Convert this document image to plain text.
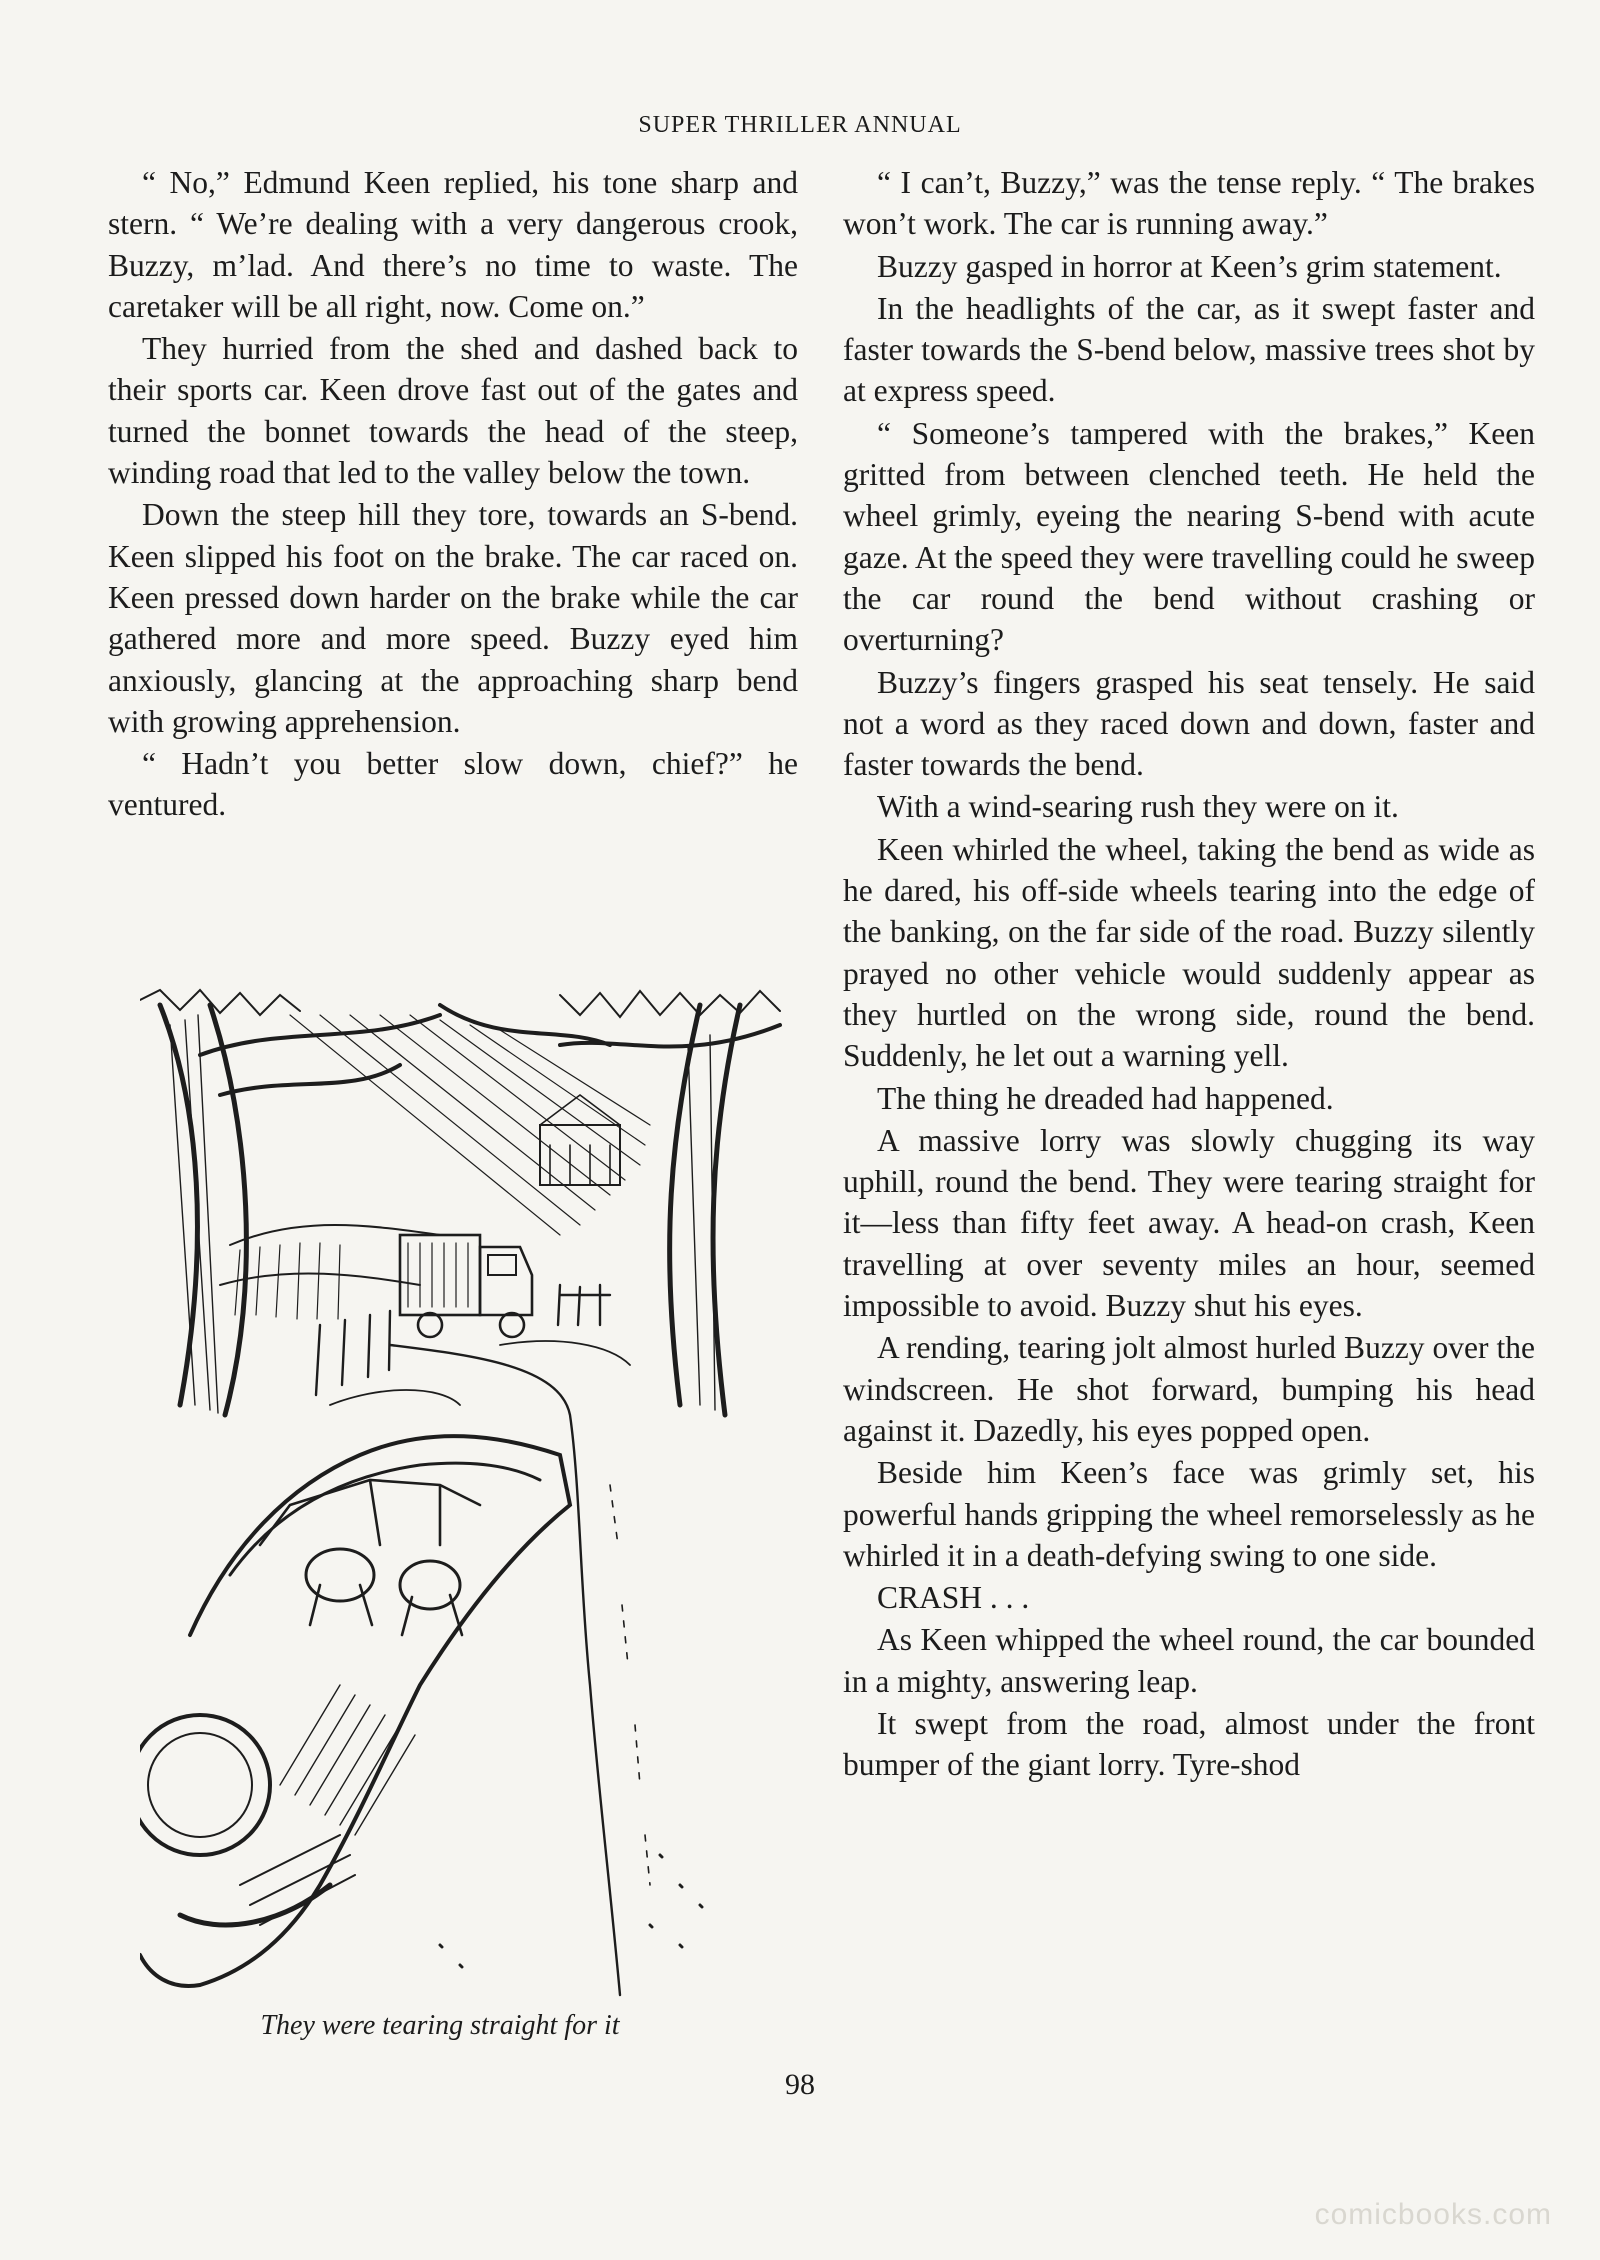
SUPER THRILLER ANNUAL

“ No,” Edmund Keen replied, his tone sharp and stern. “ We’re dealing with a very dangerous crook, Buzzy, m’lad. And there’s no time to waste. The caretaker will be all right, now. Come on.”

They hurried from the shed and dashed back to their sports car. Keen drove fast out of the gates and turned the bonnet towards the head of the steep, winding road that led to the valley below the town.

Down the steep hill they tore, towards an S-bend. Keen slipped his foot on the brake. The car raced on. Keen pressed down harder on the brake while the car gathered more and more speed. Buzzy eyed him anxiously, glancing at the approaching sharp bend with growing apprehension.

“ Hadn’t you better slow down, chief?” he ventured.

They were tearing straight for it

“ I can’t, Buzzy,” was the tense reply. “ The brakes won’t work. The car is running away.”

Buzzy gasped in horror at Keen’s grim statement.

In the headlights of the car, as it swept faster and faster towards the S-bend below, massive trees shot by at express speed.

“ Someone’s tampered with the brakes,” Keen gritted from between clenched teeth. He held the wheel grimly, eyeing the nearing S-bend with acute gaze. At the speed they were travelling could he sweep the car round the bend without crashing or overturning?

Buzzy’s fingers grasped his seat tensely. He said not a word as they raced down and down, faster and faster towards the bend.

With a wind-searing rush they were on it.

Keen whirled the wheel, taking the bend as wide as he dared, his off-side wheels tearing into the edge of the banking, on the far side of the road. Buzzy silently prayed no other vehicle would suddenly appear as they hurtled on the wrong side, round the bend. Suddenly, he let out a warning yell.

The thing he dreaded had happened.

A massive lorry was slowly chugging its way uphill, round the bend. They were tearing straight for it—less than fifty feet away. A head-on crash, Keen travelling at over seventy miles an hour, seemed impossible to avoid. Buzzy shut his eyes.

A rending, tearing jolt almost hurled Buzzy over the windscreen. He shot forward, bumping his head against it. Dazedly, his eyes popped open.

Beside him Keen’s face was grimly set, his powerful hands gripping the wheel remorselessly as he whirled it in a death-defying swing to one side.

CRASH . . .

As Keen whipped the wheel round, the car bounded in a mighty, answering leap.

It swept from the road, almost under the front bumper of the giant lorry. Tyre-shod

98
comicbooks.com
